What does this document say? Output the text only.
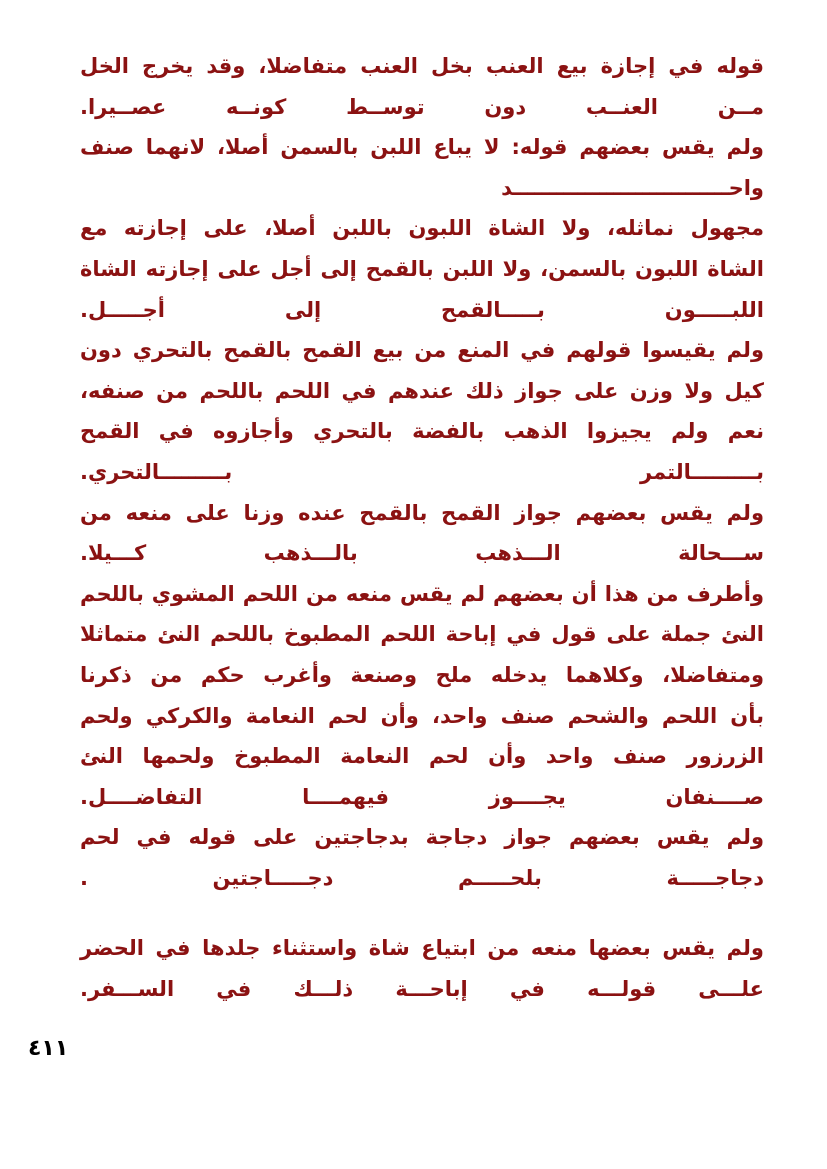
قوله في إجازة بيع العنب بخل العنب متفاضلا، وقد يخرج الخل
مــن العنــب دون توســط كونــه عصــيرا.
ولم يقس بعضهم قوله: لا يباع اللبن بالسمن أصلا، لانهما صنف
واحــــــــــــــــــــــــــــــد
مجهول نماثله، ولا الشاة اللبون باللبن أصلا، على إجازته مع
الشاة اللبون بالسمن، ولا اللبن بالقمح إلى أجل على إجازته الشاة
اللبـــــون بـــــالقمح إلى أجـــــل.
ولم يقيسوا قولهم في المنع من بيع القمح بالقمح بالتحري دون
كيل ولا وزن على جواز ذلك عندهم في اللحم باللحم من صنفه،
نعم ولم يجيزوا الذهب بالفضة بالتحري وأجازوه في القمح
بـــــــــالتمر بـــــــــالتحري.
ولم يقس بعضهم جواز القمح بالقمح عنده وزنا على منعه من
ســـحالة الـــذهب بالـــذهب كـــيلا.
وأطرف من هذا أن بعضهم لم يقس منعه من اللحم المشوي باللحم
النئ جملة على قول في إباحة اللحم المطبوخ باللحم النئ متماثلا
ومتفاضلا، وكلاهما يدخله ملح وصنعة وأغرب حكم من ذكرنا
بأن اللحم والشحم صنف واحد، وأن لحم النعامة والكركي ولحم
الزرزور صنف واحد وأن لحم النعامة المطبوخ ولحمها النئ
صــــنفان يجــــوز فيهمــــا التفاضــــل.
ولم يقس بعضهم جواز دجاجة بدجاجتين على قوله في لحم
دجاجـــــة بلحـــــم دجـــــاجتين .
ولم يقس بعضها منعه من ابتياع شاة واستثناء جلدها في الحضر
علـــى قولـــه في إباحـــة ذلـــك في الســـفر.
٤١١
